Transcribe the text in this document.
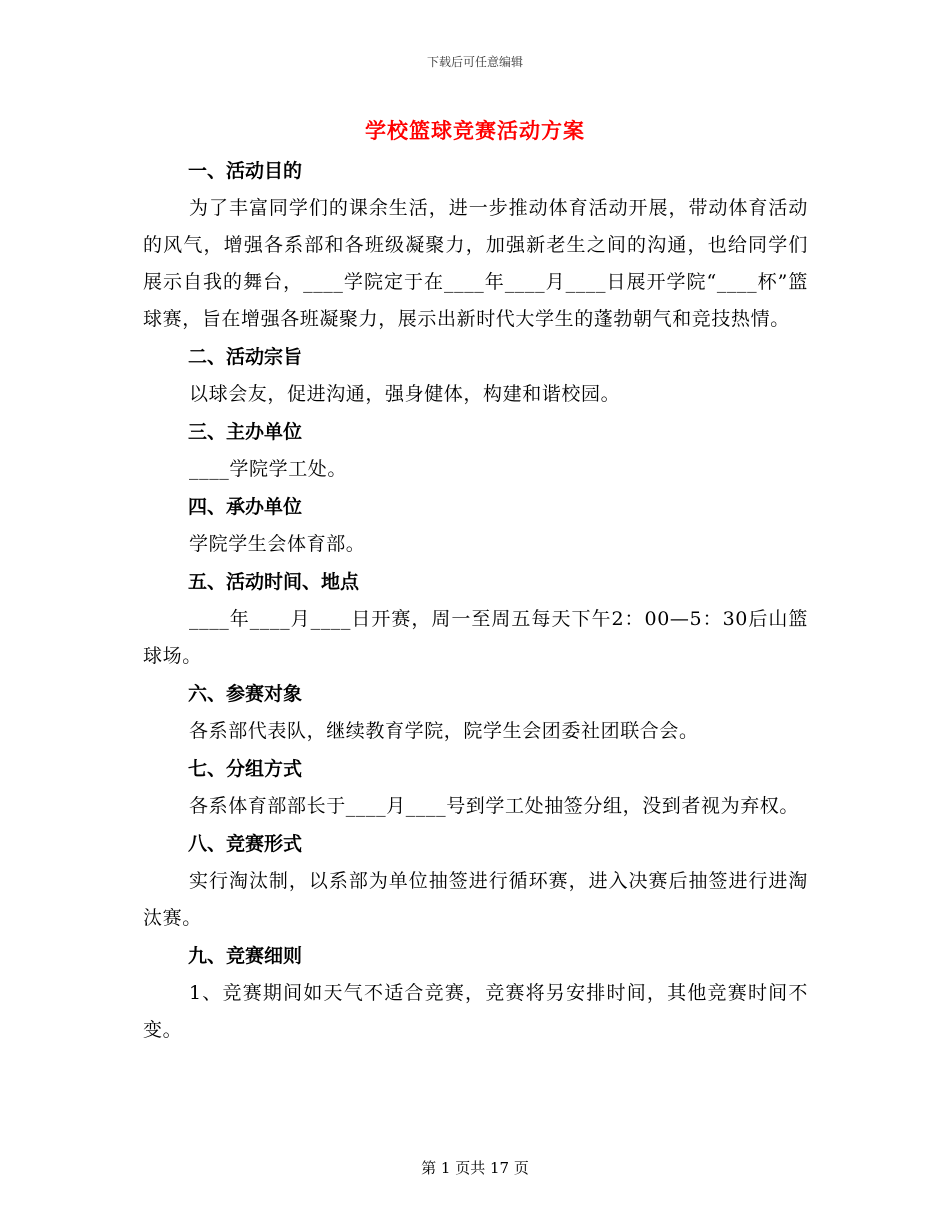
下载后可任意编辑
学校篮球竞赛活动方案
一、活动目的
为了丰富同学们的课余生活，进一步推动体育活动开展，带动体育活动的风气，增强各系部和各班级凝聚力，加强新老生之间的沟通，也给同学们展示自我的舞台，____学院定于在____年____月____日展开学院“____杯”篮球赛，旨在增强各班凝聚力，展示出新时代大学生的蓬勃朝气和竞技热情。
二、活动宗旨
以球会友，促进沟通，强身健体，构建和谐校园。
三、主办单位
____学院学工处。
四、承办单位
学院学生会体育部。
五、活动时间、地点
____年____月____日开赛，周一至周五每天下午2：00—5：30后山篮球场。
六、参赛对象
各系部代表队，继续教育学院，院学生会团委社团联合会。
七、分组方式
各系体育部部长于____月____号到学工处抽签分组，没到者视为弃权。
八、竞赛形式
实行淘汰制，以系部为单位抽签进行循环赛，进入决赛后抽签进行进淘汰赛。
九、竞赛细则
1、竞赛期间如天气不适合竞赛，竞赛将另安排时间，其他竞赛时间不变。
第 1 页共 17 页
